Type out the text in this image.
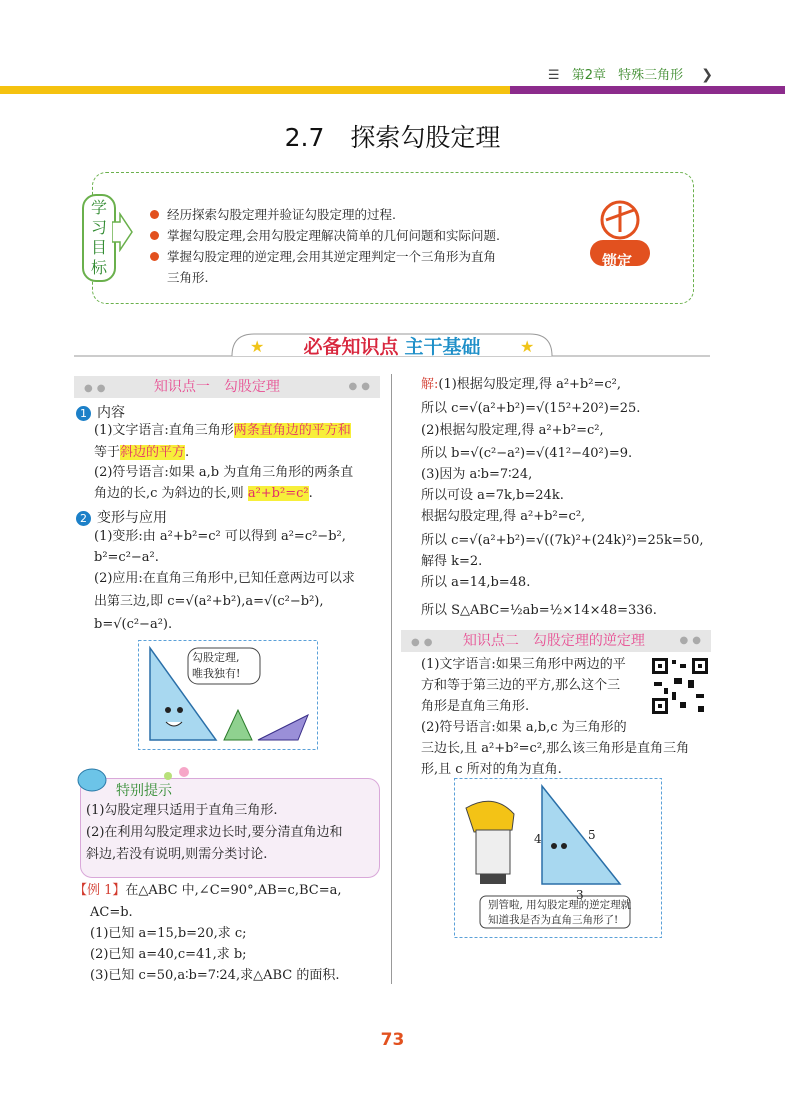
☰ 第2章 特殊三角形 ❯
2.7 探索勾股定理
学
习
目
标
经历探索勾股定理并验证勾股定理的过程.
掌握勾股定理,会用勾股定理解决简单的几何问题和实际问题.
掌握勾股定理的逆定理,会用其逆定理判定一个三角形为直角
三角形.
锁定
★	★
必备知识点 主干基础
●●	知识点一　勾股定理	●●
1 内容
(1)文字语言:直角三角形两条直角边的平方和
等于斜边的平方.
(2)符号语言:如果 a,b 为直角三角形的两条直
角边的长,c 为斜边的长,则 a²+b²=c².
2 变形与应用
(1)变形:由 a²+b²=c² 可以得到 a²=c²−b²,
b²=c²−a².
(2)应用:在直角三角形中,已知任意两边可以求
出第三边,即 c=√(a²+b²),a=√(c²−b²),
b=√(c²−a²).
勾股定理,
唯我独有!
特别提示
(1)勾股定理只适用于直角三角形.
(2)在利用勾股定理求边长时,要分清直角边和
斜边,若没有说明,则需分类讨论.
【例 1】在△ABC 中,∠C=90°,AB=c,BC=a,
AC=b.
(1)已知 a=15,b=20,求 c;
(2)已知 a=40,c=41,求 b;
(3)已知 c=50,a∶b=7∶24,求△ABC 的面积.
解:(1)根据勾股定理,得 a²+b²=c²,
所以 c=√(a²+b²)=√(15²+20²)=25.
(2)根据勾股定理,得 a²+b²=c²,
所以 b=√(c²−a²)=√(41²−40²)=9.
(3)因为 a∶b=7∶24,
所以可设 a=7k,b=24k.
根据勾股定理,得 a²+b²=c²,
所以 c=√(a²+b²)=√((7k)²+(24k)²)=25k=50,
解得 k=2.
所以 a=14,b=48.
所以 S△ABC=½ab=½×14×48=336.
●● 知识点二　勾股定理的逆定理	●●
(1)文字语言:如果三角形中两边的平
方和等于第三边的平方,那么这个三
角形是直角三角形.
(2)符号语言:如果 a,b,c 为三角形的
三边长,且 a²+b²=c²,那么该三角形是直角三角
形,且 c 所对的角为直角.
4	5
3
别管啦, 用勾股定理的逆定理就
知道我是否为直角三角形了!
73
